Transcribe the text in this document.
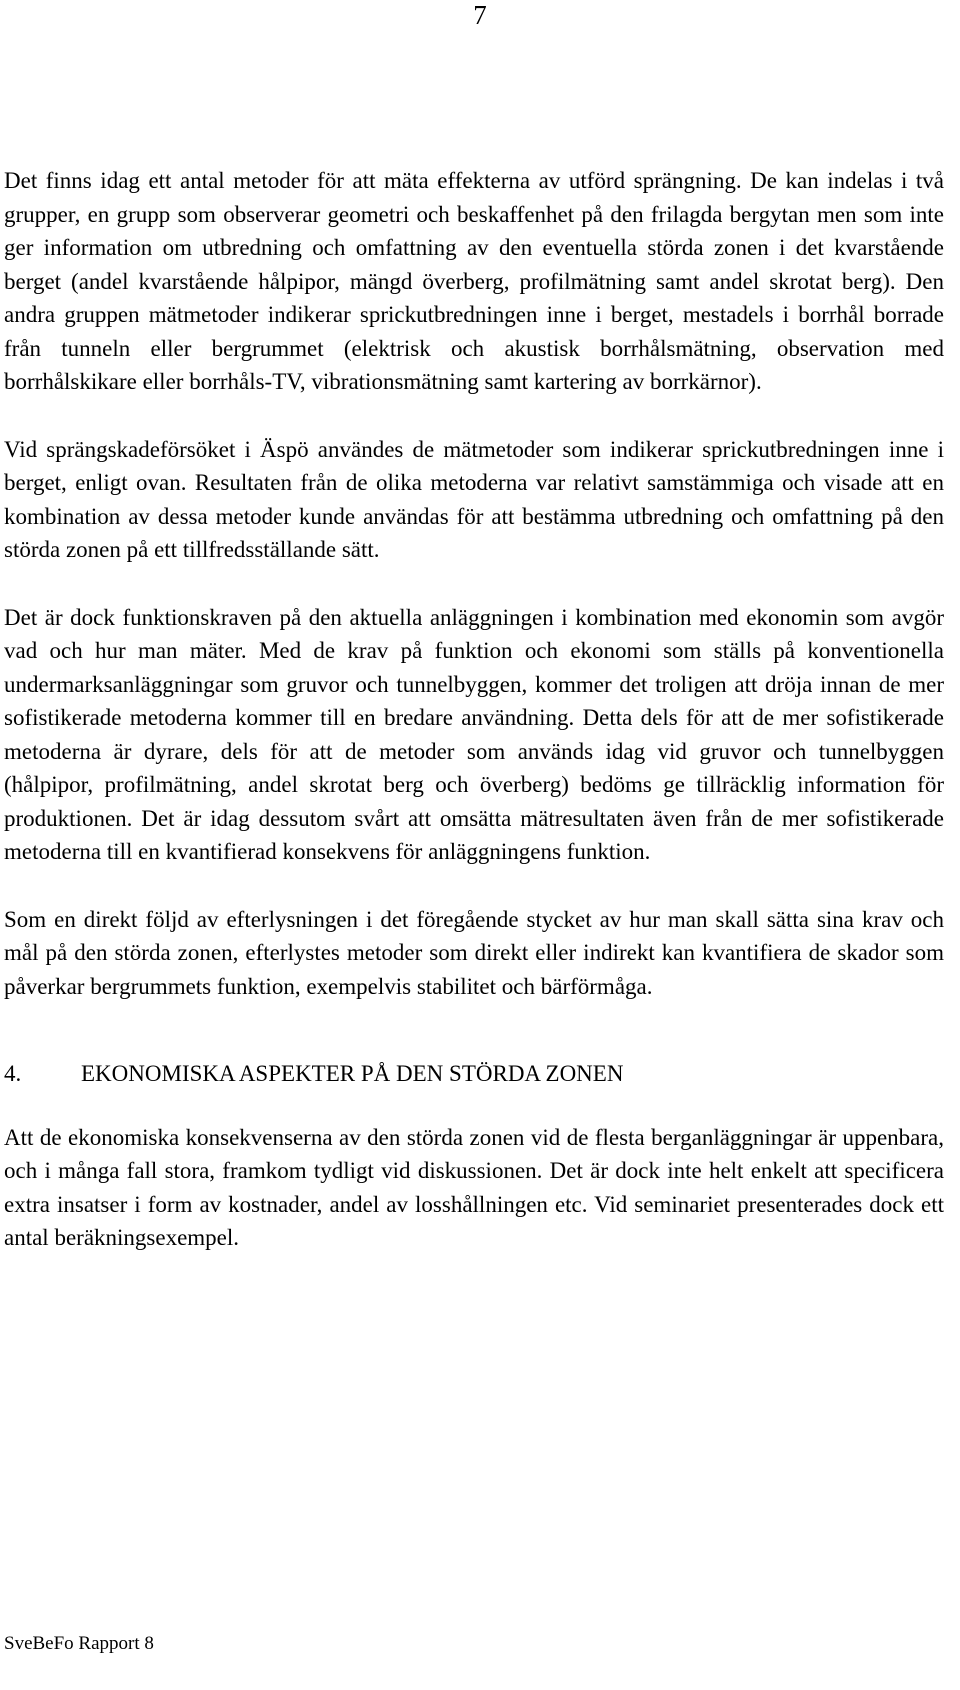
7

Det finns idag ett antal metoder för att mäta effekterna av utförd sprängning. De kan indelas i två grupper, en grupp som observerar geometri och beskaffenhet på den frilagda bergytan men som inte ger information om utbredning och omfattning av den eventuella störda zonen i det kvarstående berget (andel kvarstående hålpipor, mängd överberg, profilmätning samt andel skrotat berg). Den andra gruppen mätmetoder indikerar sprickutbredningen inne i berget, mestadels i borrhål borrade från tunneln eller bergrummet (elektrisk och akustisk borrhålsmätning, observation med borrhålskikare eller borrhåls-TV, vibrationsmätning samt kartering av borrkärnor).

Vid sprängskadeförsöket i Äspö användes de mätmetoder som indikerar sprickutbredningen inne i berget, enligt ovan. Resultaten från de olika metoderna var relativt samstämmiga och visade att en kombination av dessa metoder kunde användas för att bestämma utbredning och omfattning på den störda zonen på ett tillfredsställande sätt.

Det är dock funktionskraven på den aktuella anläggningen i kombination med ekonomin som avgör vad och hur man mäter. Med de krav på funktion och ekonomi som ställs på konventionella undermarksanläggningar som gruvor och tunnelbyggen, kommer det troligen att dröja innan de mer sofistikerade metoderna kommer till en bredare användning. Detta dels för att de mer sofistikerade metoderna är dyrare, dels för att de metoder som används idag vid gruvor och tunnelbyggen (hålpipor, profilmätning, andel skrotat berg och överberg) bedöms ge tillräcklig information för produktionen. Det är idag dessutom svårt att omsätta mätresultaten även från de mer sofistikerade metoderna till en kvantifierad konsekvens för anläggningens funktion.

Som en direkt följd av efterlysningen i det föregående stycket av hur man skall sätta sina krav och mål på den störda zonen, efterlystes metoder som direkt eller indirekt kan kvantifiera de skador som påverkar bergrummets funktion, exempelvis stabilitet och bärförmåga.

4.	EKONOMISKA ASPEKTER PÅ DEN STÖRDA ZONEN

Att de ekonomiska konsekvenserna av den störda zonen vid de flesta berganläggningar är uppenbara, och i många fall stora, framkom tydligt vid diskussionen. Det är dock inte helt enkelt att specificera extra insatser i form av kostnader, andel av losshållningen etc. Vid seminariet presenterades dock ett antal beräkningsexempel.

SveBeFo Rapport 8
